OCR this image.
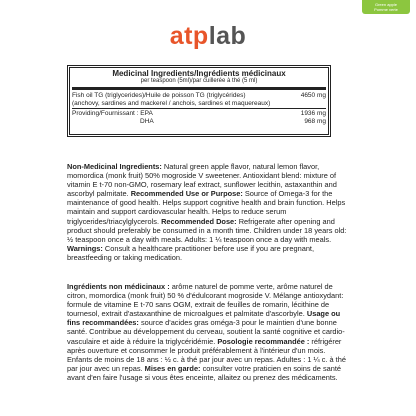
Green apple
Pomme verte
atplab
Medicinal Ingredients/Ingrédients médicinaux
per teaspoon (5ml)/par cuillerée à thé (5 ml)
Fish oil TG (triglycerides)/Huile de poisson TG (triglycérides)	4650 mg
(anchovy, sardines and mackerel / anchois, sardines et maquereaux)
Providing/Fournissant : EPA	1936 mg
DHA	968 mg
Non-Medicinal Ingredients: Natural green apple flavor, natural lemon flavor, momordica (monk fruit) 50% mogroside V sweetener. Antioxidant blend: mixture of vitamin E t-70 non-GMO, rosemary leaf extract, sunflower lecithin, astaxanthin and ascorbyl palmitate. Recommended Use or Purpose: Source of Omega-3 for the maintenance of good health. Helps support cognitive health and brain function. Helps maintain and support cardiovascular health. Helps to reduce serum triglycerides/triacylglycerols. Recommended Dose: Refrigerate after opening and product should preferably be consumed in a month time. Children under 18 years old: ½ teaspoon once a day with meals. Adults: 1 ¼ teaspoon once a day with meals. Warnings: Consult a healthcare practitioner before use if you are pregnant, breastfeeding or taking medication.
Ingrédients non médicinaux : arôme naturel de pomme verte, arôme naturel de citron, momordica (monk fruit) 50 % d'édulcorant mogroside V. Mélange antioxydant: formule de vitamine E t-70 sans OGM, extrait de feuilles de romarin, lécithine de tournesol, extrait d'astaxanthine de microalgues et palmitate d'ascorbyle. Usage ou fins recommandées: source d'acides gras oméga-3 pour le maintien d'une bonne santé. Contribue au développement du cerveau, soutient la santé cognitive et cardio-vasculaire et aide à réduire la triglycéridémie. Posologie recommandée : réfrigérer après ouverture et consommer le produit préférablement à l'intérieur d'un mois. Enfants de moins de 18 ans : ½ c. à thé par jour avec un repas. Adultes : 1 ¼ c. à thé par jour avec un repas. Mises en garde: consulter votre praticien en soins de santé avant d'en faire l'usage si vous êtes enceinte, allaitez ou prenez des médicaments.
